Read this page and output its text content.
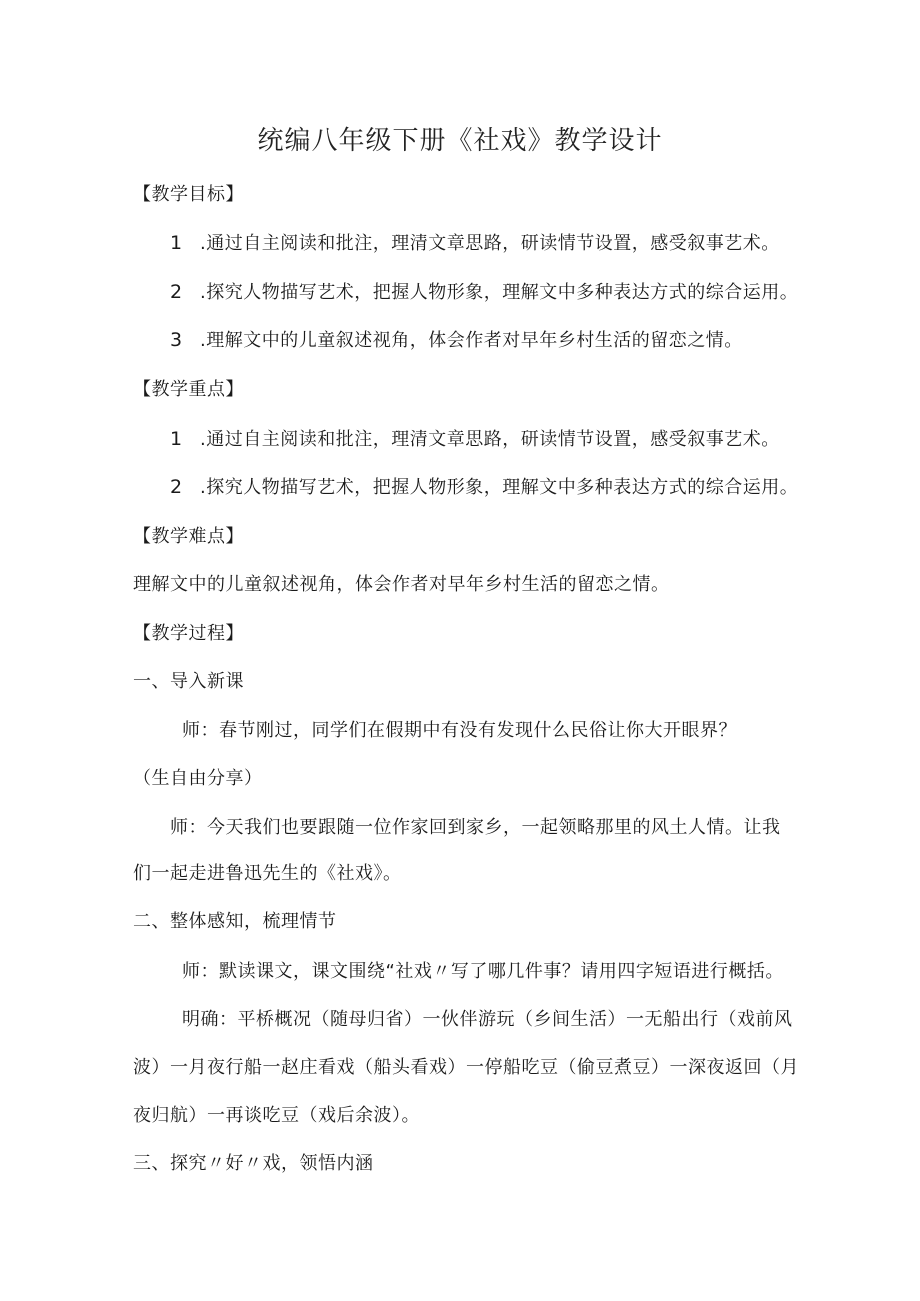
统编八年级下册《社戏》教学设计
【教学目标】
1 .通过自主阅读和批注，理清文章思路，研读情节设置，感受叙事艺术。
2 .探究人物描写艺术，把握人物形象，理解文中多种表达方式的综合运用。
3 .理解文中的儿童叙述视角，体会作者对早年乡村生活的留恋之情。
【教学重点】
1 .通过自主阅读和批注，理清文章思路，研读情节设置，感受叙事艺术。
2 .探究人物描写艺术，把握人物形象，理解文中多种表达方式的综合运用。
【教学难点】
理解文中的儿童叙述视角，体会作者对早年乡村生活的留恋之情。
【教学过程】
一、导入新课
师：春节刚过，同学们在假期中有没有发现什么民俗让你大开眼界？
（生自由分享）
师：今天我们也要跟随一位作家回到家乡，一起领略那里的风土人情。让我
们一起走进鲁迅先生的《社戏》。
二、整体感知，梳理情节
师：默读课文，课文围绕“社戏〃写了哪几件事？请用四字短语进行概括。
明确：平桥概况（随母归省）一伙伴游玩（乡间生活）一无船出行（戏前风
波）一月夜行船一赵庄看戏（船头看戏）一停船吃豆（偷豆煮豆）一深夜返回（月
夜归航）一再谈吃豆（戏后余波）。
三、探究〃好〃戏，领悟内涵
